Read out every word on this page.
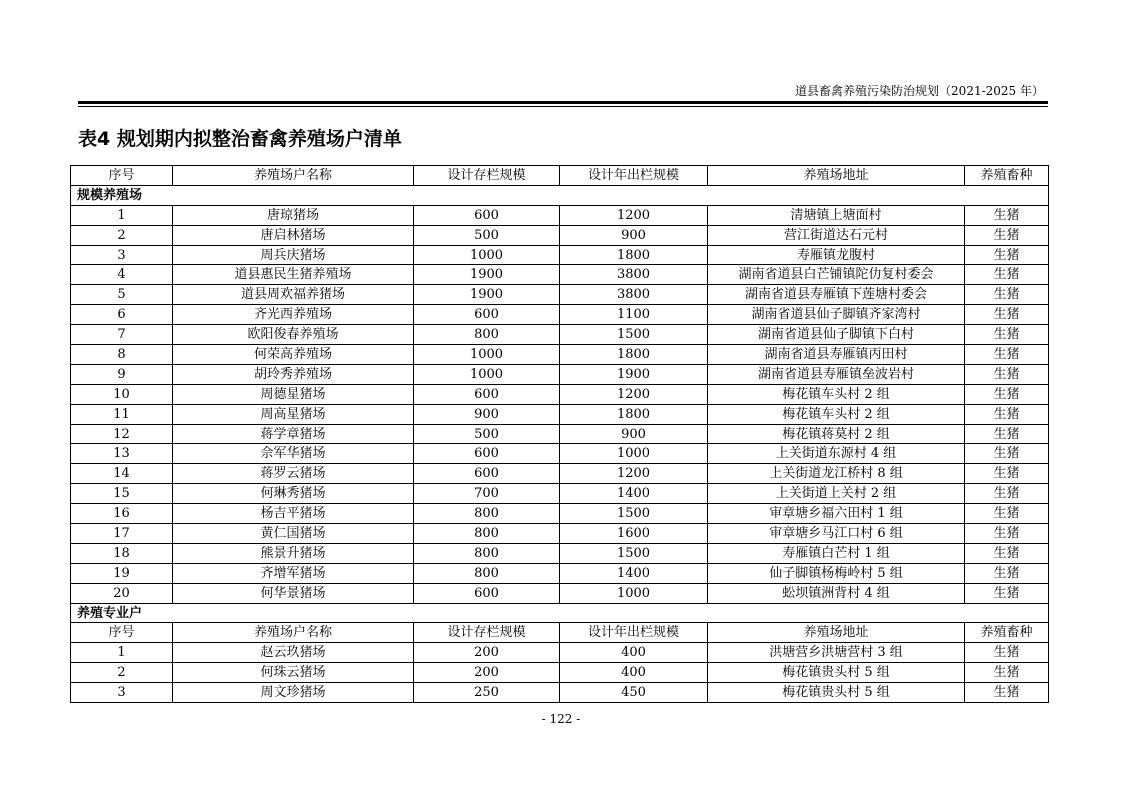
道县畜禽养殖污染防治规划（2021-2025 年）
表4 规划期内拟整治畜禽养殖场户清单
序号	养殖场户名称	设计存栏规模	设计年出栏规模	养殖场地址	养殖畜种
规模养殖场					
1	唐琼猪场	600	1200	清塘镇上塘面村	生猪
2	唐启林猪场	500	900	营江街道达石元村	生猪
3	周兵庆猪场	1000	1800	寿雁镇龙腹村	生猪
4	道县惠民生猪养殖场	1900	3800	湖南省道县白芒铺镇陀仂复村委会	生猪
5	道县周欢福养猪场	1900	3800	湖南省道县寿雁镇下莲塘村委会	生猪
6	齐光西养殖场	600	1100	湖南省道县仙子脚镇齐家湾村	生猪
7	欧阳俊春养殖场	800	1500	湖南省道县仙子脚镇下白村	生猪
8	何荣高养殖场	1000	1800	湖南省道县寿雁镇丙田村	生猪
9	胡玲秀养殖场	1000	1900	湖南省道县寿雁镇垒波岩村	生猪
10	周德星猪场	600	1200	梅花镇车头村 2 组	生猪
11	周高星猪场	900	1800	梅花镇车头村 2 组	生猪
12	蒋学章猪场	500	900	梅花镇蒋莫村 2 组	生猪
13	佘军华猪场	600	1000	上关街道东源村 4 组	生猪
14	蒋罗云猪场	600	1200	上关街道龙江桥村 8 组	生猪
15	何琳秀猪场	700	1400	上关街道上关村 2 组	生猪
16	杨吉平猪场	800	1500	审章塘乡福六田村 1 组	生猪
17	黄仁国猪场	800	1600	审章塘乡马江口村 6 组	生猪
18	熊景升猪场	800	1500	寿雁镇白芒村 1 组	生猪
19	齐增军猪场	800	1400	仙子脚镇杨梅岭村 5 组	生猪
20	何华景猪场	600	1000	蚣坝镇洲背村 4 组	生猪
养殖专业户					
序号	养殖场户名称	设计存栏规模	设计年出栏规模	养殖场地址	养殖畜种
1	赵云玖猪场	200	400	洪塘营乡洪塘营村 3 组	生猪
2	何珠云猪场	200	400	梅花镇贵头村 5 组	生猪
3	周文珍猪场	250	450	梅花镇贵头村 5 组	生猪
- 122 -
